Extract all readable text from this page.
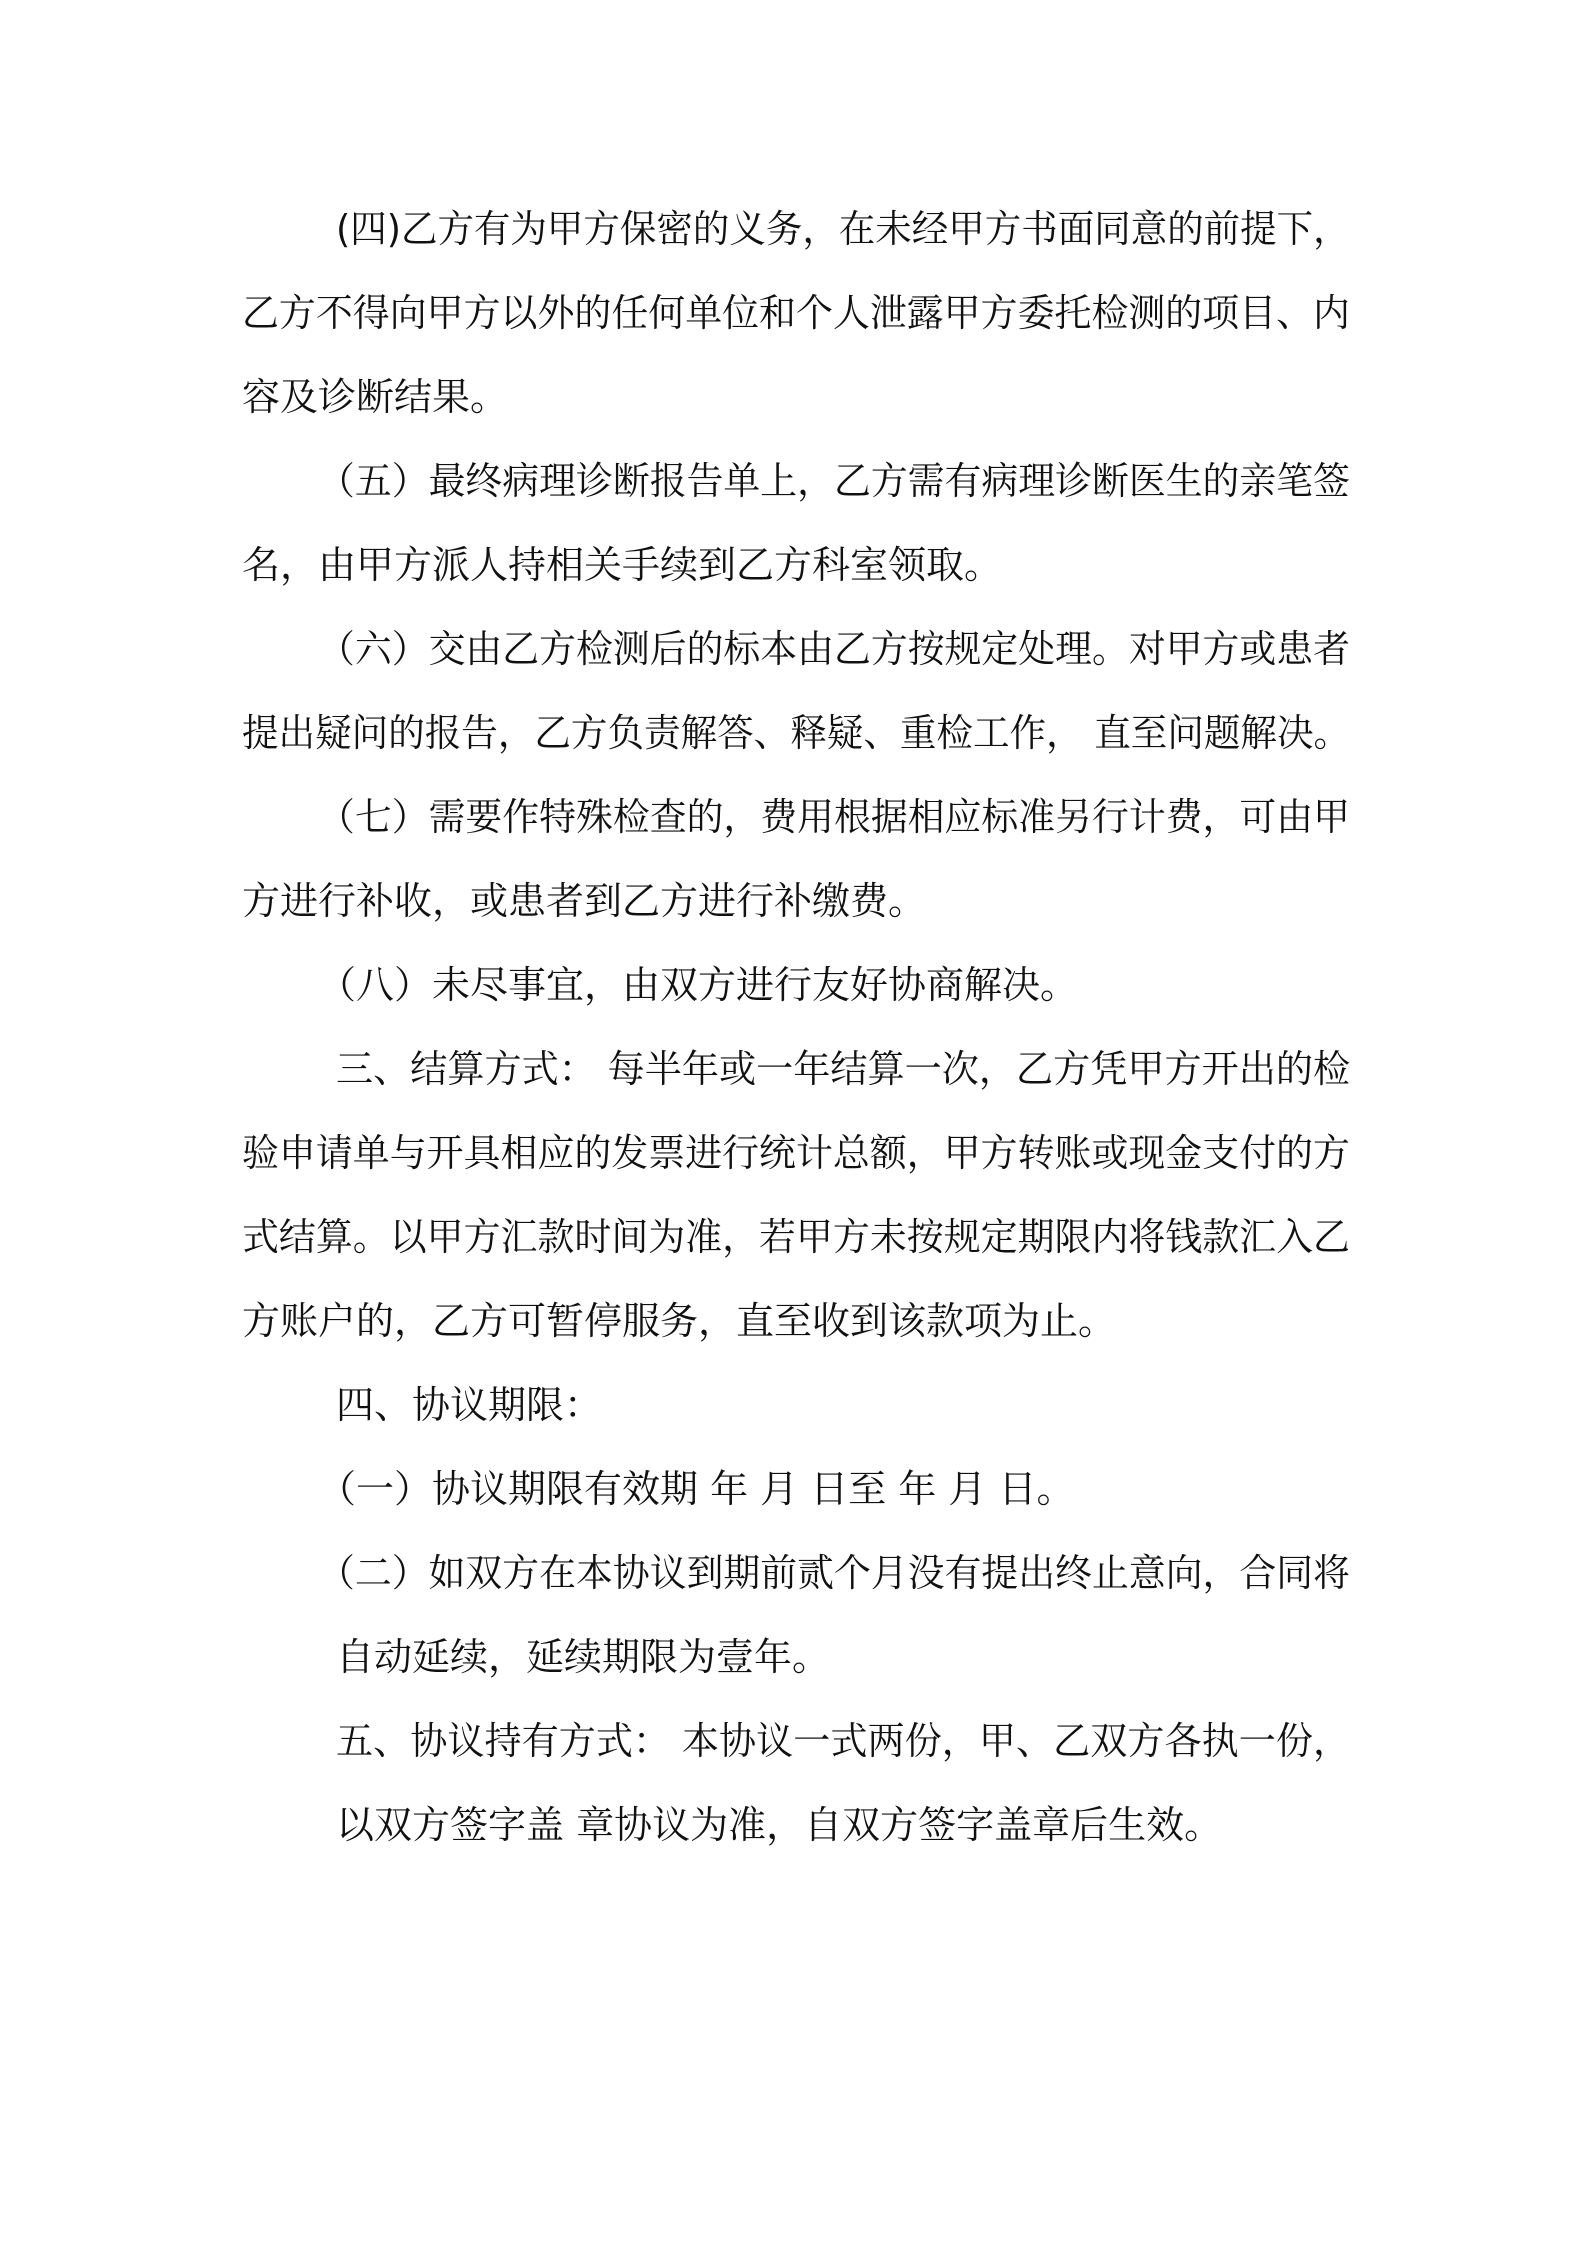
(四)乙方有为甲方保密的义务，在未经甲方书面同意的前提下，
乙方不得向甲方以外的任何单位和个人泄露甲方委托检测的项目、内
容及诊断结果。
（五）最终病理诊断报告单上，乙方需有病理诊断医生的亲笔签
名，由甲方派人持相关手续到乙方科室领取。
（六）交由乙方检测后的标本由乙方按规定处理。对甲方或患者
提出疑问的报告，乙方负责解答、释疑、重检工作， 直至问题解决。
（七）需要作特殊检查的，费用根据相应标准另行计费，可由甲
方进行补收，或患者到乙方进行补缴费。
（八）未尽事宜，由双方进行友好协商解决。
三、结算方式： 每半年或一年结算一次，乙方凭甲方开出的检
验申请单与开具相应的发票进行统计总额，甲方转账或现金支付的方
式结算。以甲方汇款时间为准，若甲方未按规定期限内将钱款汇入乙
方账户的，乙方可暂停服务，直至收到该款项为止。
四、协议期限：
（一）协议期限有效期 年 月 日至 年 月 日。
（二）如双方在本协议到期前贰个月没有提出终止意向，合同将
自动延续，延续期限为壹年。
五、协议持有方式： 本协议一式两份，甲、乙双方各执一份，
以双方签字盖 章协议为准，自双方签字盖章后生效。
